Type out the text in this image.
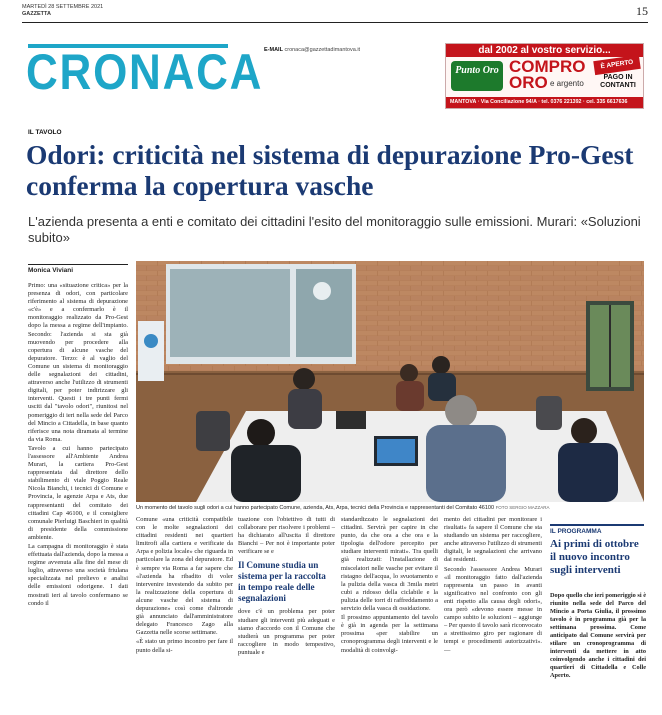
MARTEDÌ 28 SETTEMBRE 2021
GAZZETTA	15
CRONACA E-MAIL cronaca@gazzettadimantova.it	dal 2002 al vostro servizio...
Punto Oro COMPRO
ORO e argento
È APERTO
PAGO IN CONTANTI
MANTOVA · Via Conciliazione 94/A · tel. 0376 221392 · cel. 335 6617636
IL TAVOLO
Odori: criticità nel sistema di depurazione Pro-Gest conferma la copertura vasche
L'azienda presenta a enti e comitato dei cittadini l'esito del monitoraggio sulle emissioni. Murari: «Soluzioni subito»
Monica Viviani

Primo: una «situazione critica» per la presenza di odori, con particolare riferimento al sistema di depurazione «c'è» e a confermarlo è il monitoraggio realizzato da Pro-Gest dopo la messa a regime dell'impianto. Secondo: l'azienda si sta già muovendo per procedere alla copertura di alcune vasche del depuratore. Terzo: è al vaglio del Comune un sistema di monitoraggio delle segnalazioni dei cittadini, attraverso anche l'utilizzo di strumenti digitali, per poter indirizzare gli interventi. Questi i tre punti fermi usciti dal "tavolo odori", riunitosi nel pomeriggio di ieri nella sede del Parco del Mincio a Cittadella, in base quanto riferisce una nota diramata al termine da via Roma.

Tavolo a cui hanno partecipato l'assessore all'Ambiente Andrea Murari, la cartiera Pro-Gest rappresentata dal direttore dello stabilimento di viale Poggio Reale Nicola Bianchi, i tecnici di Comune e Provincia, le agenzie Arpa e Ats, due rappresentanti del comitato dei cittadini Cap 46100, e il consigliere comunale Pierluigi Baschieri in qualità di presidente della commissione ambiente.

La campagna di monitoraggio è stata effettuata dall'azienda, dopo la messa a regime avvenuta alla fine del mese di luglio, attraverso una società friulana specializzata nel prelievo e analisi delle emissioni odorigene. I dati mostrati ieri al tavolo confermano se condo il

Un momento del tavolo sugli odori a cui hanno partecipato Comune, azienda, Ats, Arpa, tecnici della Provincia e rappresentanti del Comitato 46100 FOTO SERGIO MAZZARA

Comune «una criticità compatibile con le molte segnalazioni dei cittadini residenti nei quartieri limitrofi alla cartiera e verificate da Arpa e polizia locale» che riguarda in particolare la zona del depuratore. Ed è sempre via Roma a far sapere che «l'azienda ha ribadito di voler intervenire investendo da subito per la realizzazione della copertura di alcune vasche del sistema di depurazione» così come d'altronde già annunciato dall'amministratore delegato Francesco Zago alla Gazzetta nelle scorse settimane.

«È stato un primo incontro per fare il punto della si-

tuazione con l'obiettivo di tutti di collaborare per risolvere i problemi – ha dichiarato all'uscita il direttore Bianchi – Per noi è importante poter verificare se e

Il Comune studia un sistema per la raccolta in tempo reale delle segnalazioni

dove c'è un problema per poter studiare gli interventi più adeguati e siamo d'accordo con il Comune che studierà un programma per poter raccogliere in modo tempestivo, puntuale e

standardizzato le segnalazioni dei cittadini. Servirà per capire in che punto, da che ora a che ora e la tipologia dell'odore percepito per studiare interventi mirati». Tra quelli già realizzati: l'installazione di miscelatori nelle vasche per evitare il ristagno dell'acqua, lo svuotamento e la pulizia della vasca di 3mila metri cubi a ridosso della ciclabile e la pulizia delle torri di raffreddamento a servizio della vasca di ossidazione.

Il prossimo appuntamento del tavolo è già in agenda per la settimana prossima «per stabilire un cronoprogramma degli interventi e le modalità di coinvolgi-

mento dei cittadini per monitorare i risultati» fa sapere il Comune che sta studiando un sistema per raccogliere, anche attraverso l'utilizzo di strumenti digitali, le segnalazioni che arrivano dai residenti.

Secondo l'assessore Andrea Murari «il monitoraggio fatto dall'azienda rappresenta un passo in avanti significativo nel confronto con gli enti rispetto alla causa degli odori», ora però «devono essere messe in campo subito le soluzioni – aggiunge – Per questo il tavolo sarà riconvocato a strettissimo giro per ragionare di tempi e procedimenti autorizzativi». —

IL PROGRAMMA
Ai primi di ottobre il nuovo incontro sugli interventi
Dopo quello che ieri pomeriggio si è riunito nella sede del Parco del Mincio a Porta Giulia, il prossimo tavolo è in programma già per la settimana prossima. Come anticipato dal Comune servirà per stilare un cronoprogramma di interventi da mettere in atto coinvolgendo anche i cittadini dei quartieri di Cittadella e Colle Aperto.
